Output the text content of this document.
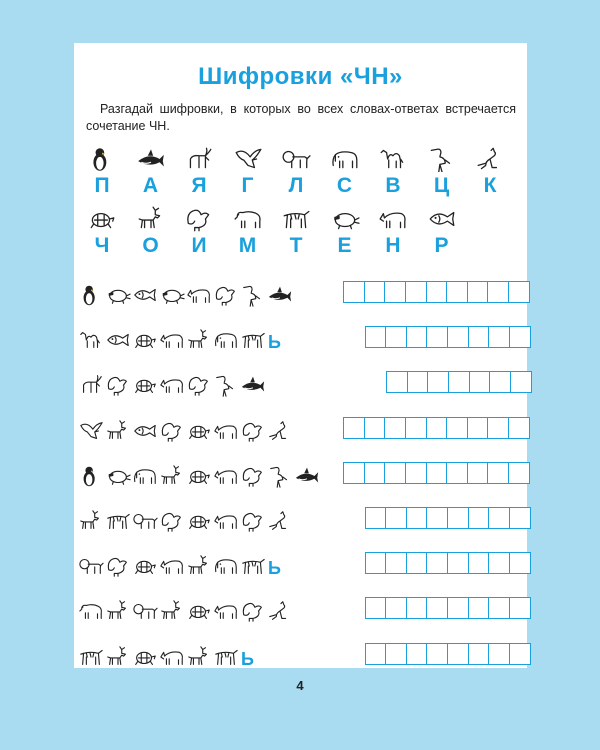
Шифровки «ЧН»
Разгадай шифровки, в которых во всех словах-ответах встречается сочетание ЧН.
П	А	Я	Г	Л	С	В	Ц	К
Ч	О	И	М	Т	Е	Н	Р
Ь
Ь
Ь
4
